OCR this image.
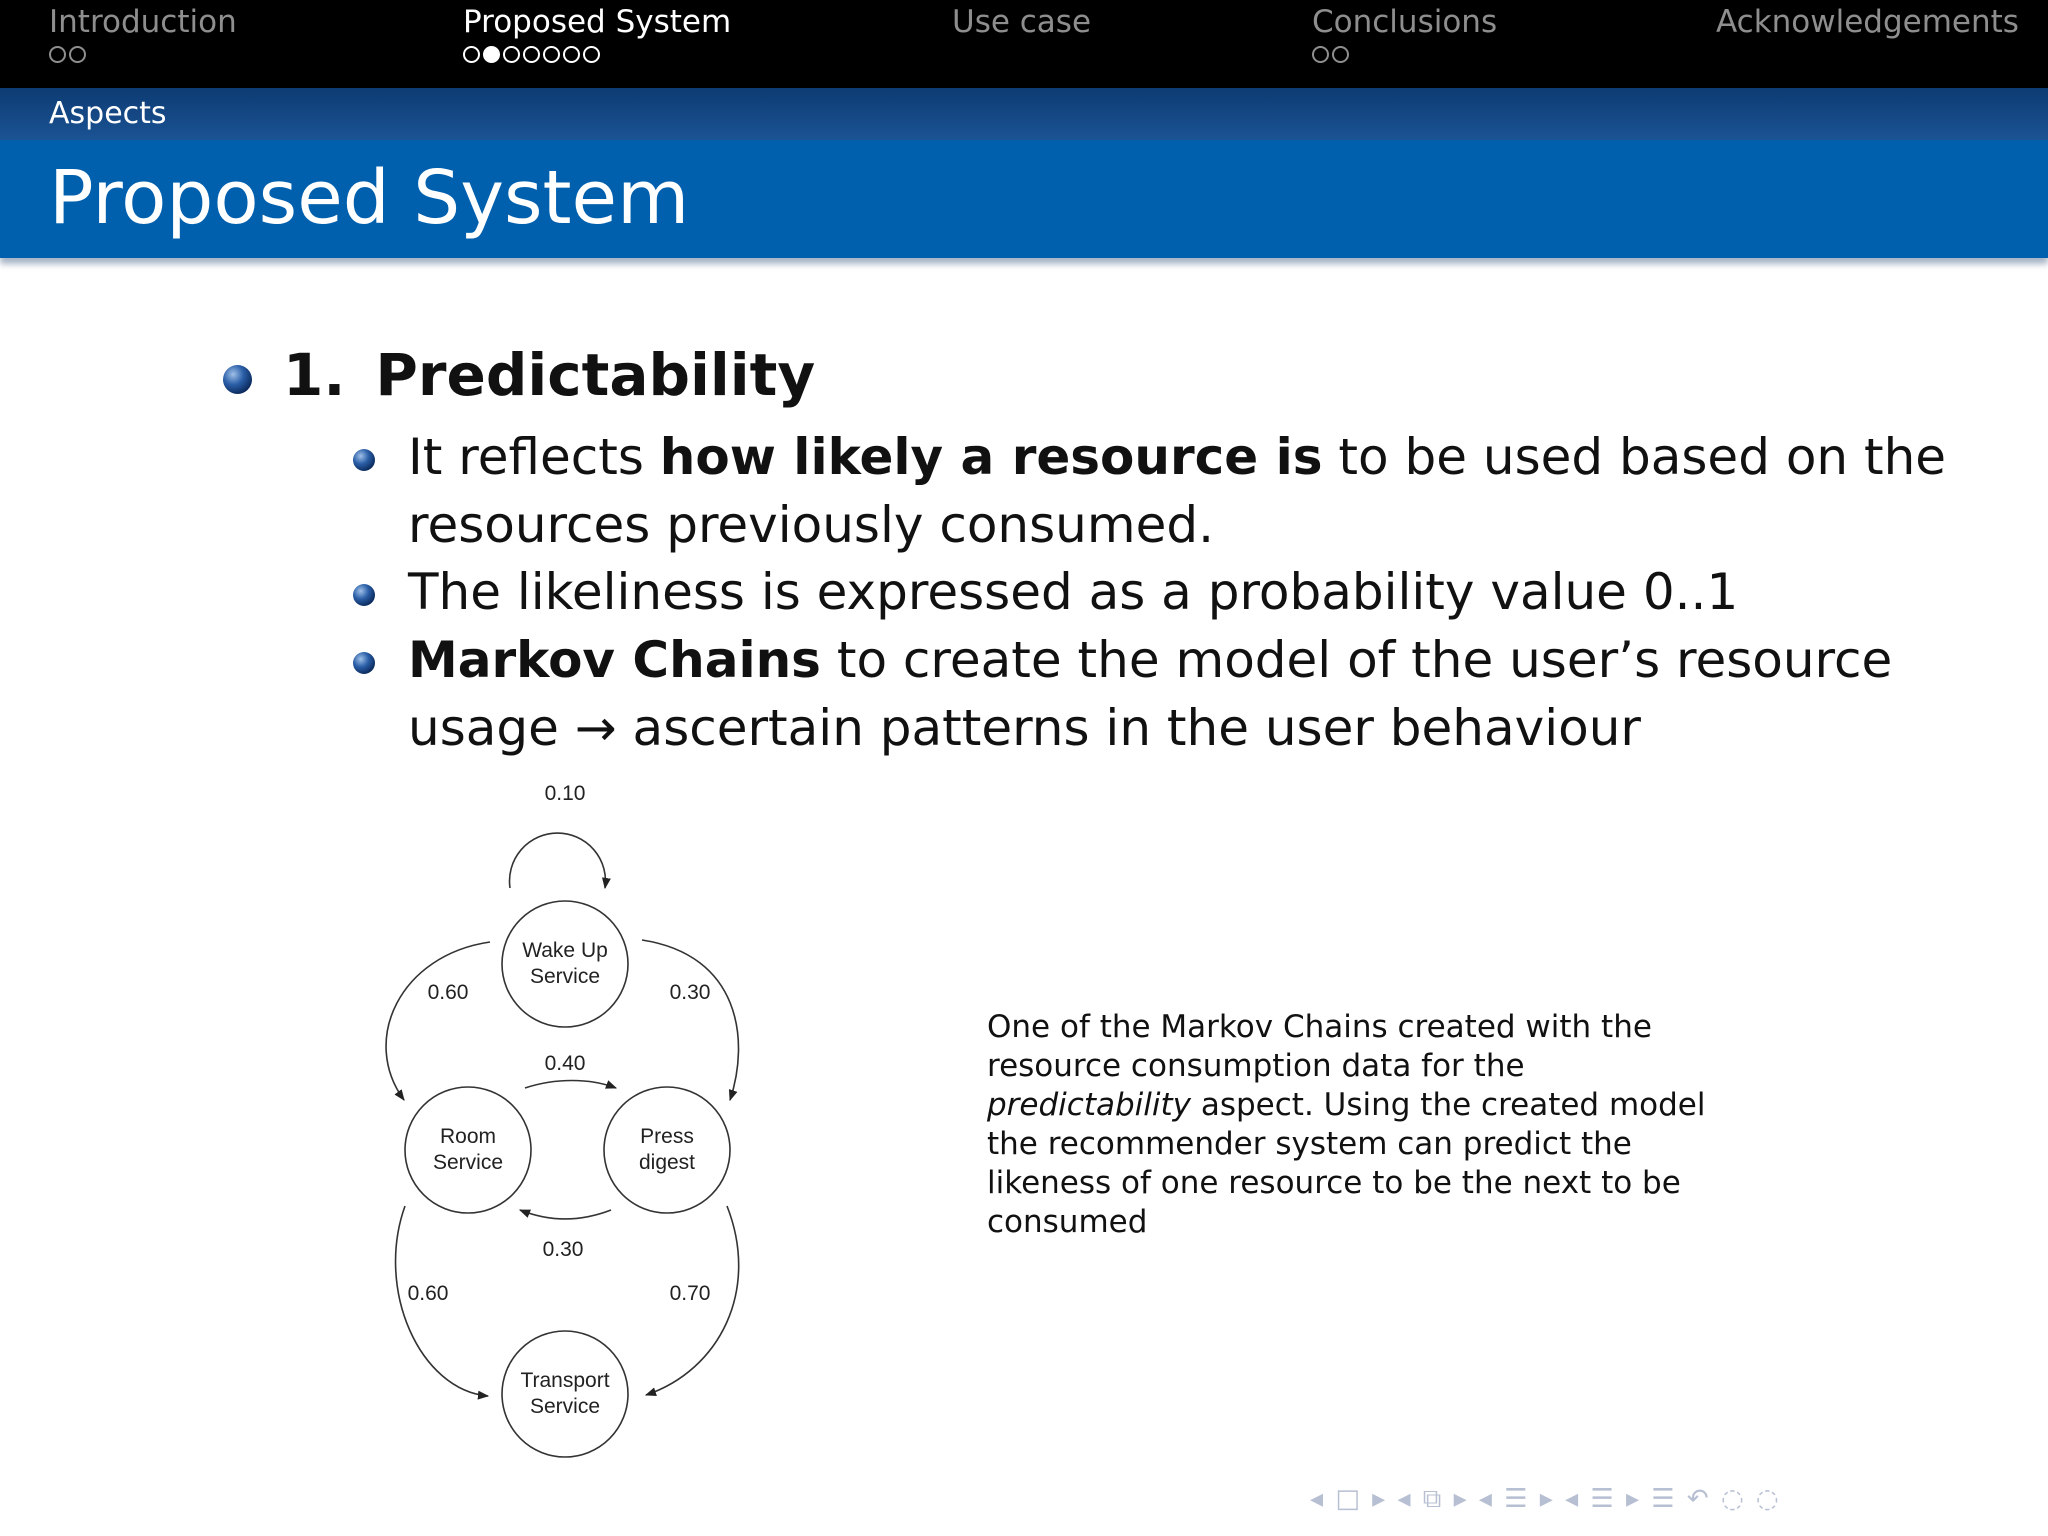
Introduction	Proposed System	Use case	Conclusions	Acknowledgements
Aspects
Proposed System
1. Predictability
It reflects how likely a resource is to be used based on the
resources previously consumed.
The likeliness is expressed as a probability value 0..1
Markov Chains to create the model of the user’s resource
usage → ascertain patterns in the user behaviour
Wake Up
Service
Room
Service
Press
digest
Transport
Service
0.10
0.60	0.30
0.40
0.30
0.60	0.70
One of the Markov Chains created with the resource consumption data for the predictability aspect. Using the created model the recommender system can predict the likeness of one resource to be the next to be consumed
◂ □ ▸ ◂ ⧉ ▸ ◂ ☰ ▸ ◂ ☰ ▸ ☰ ↶ ◌ ◌
